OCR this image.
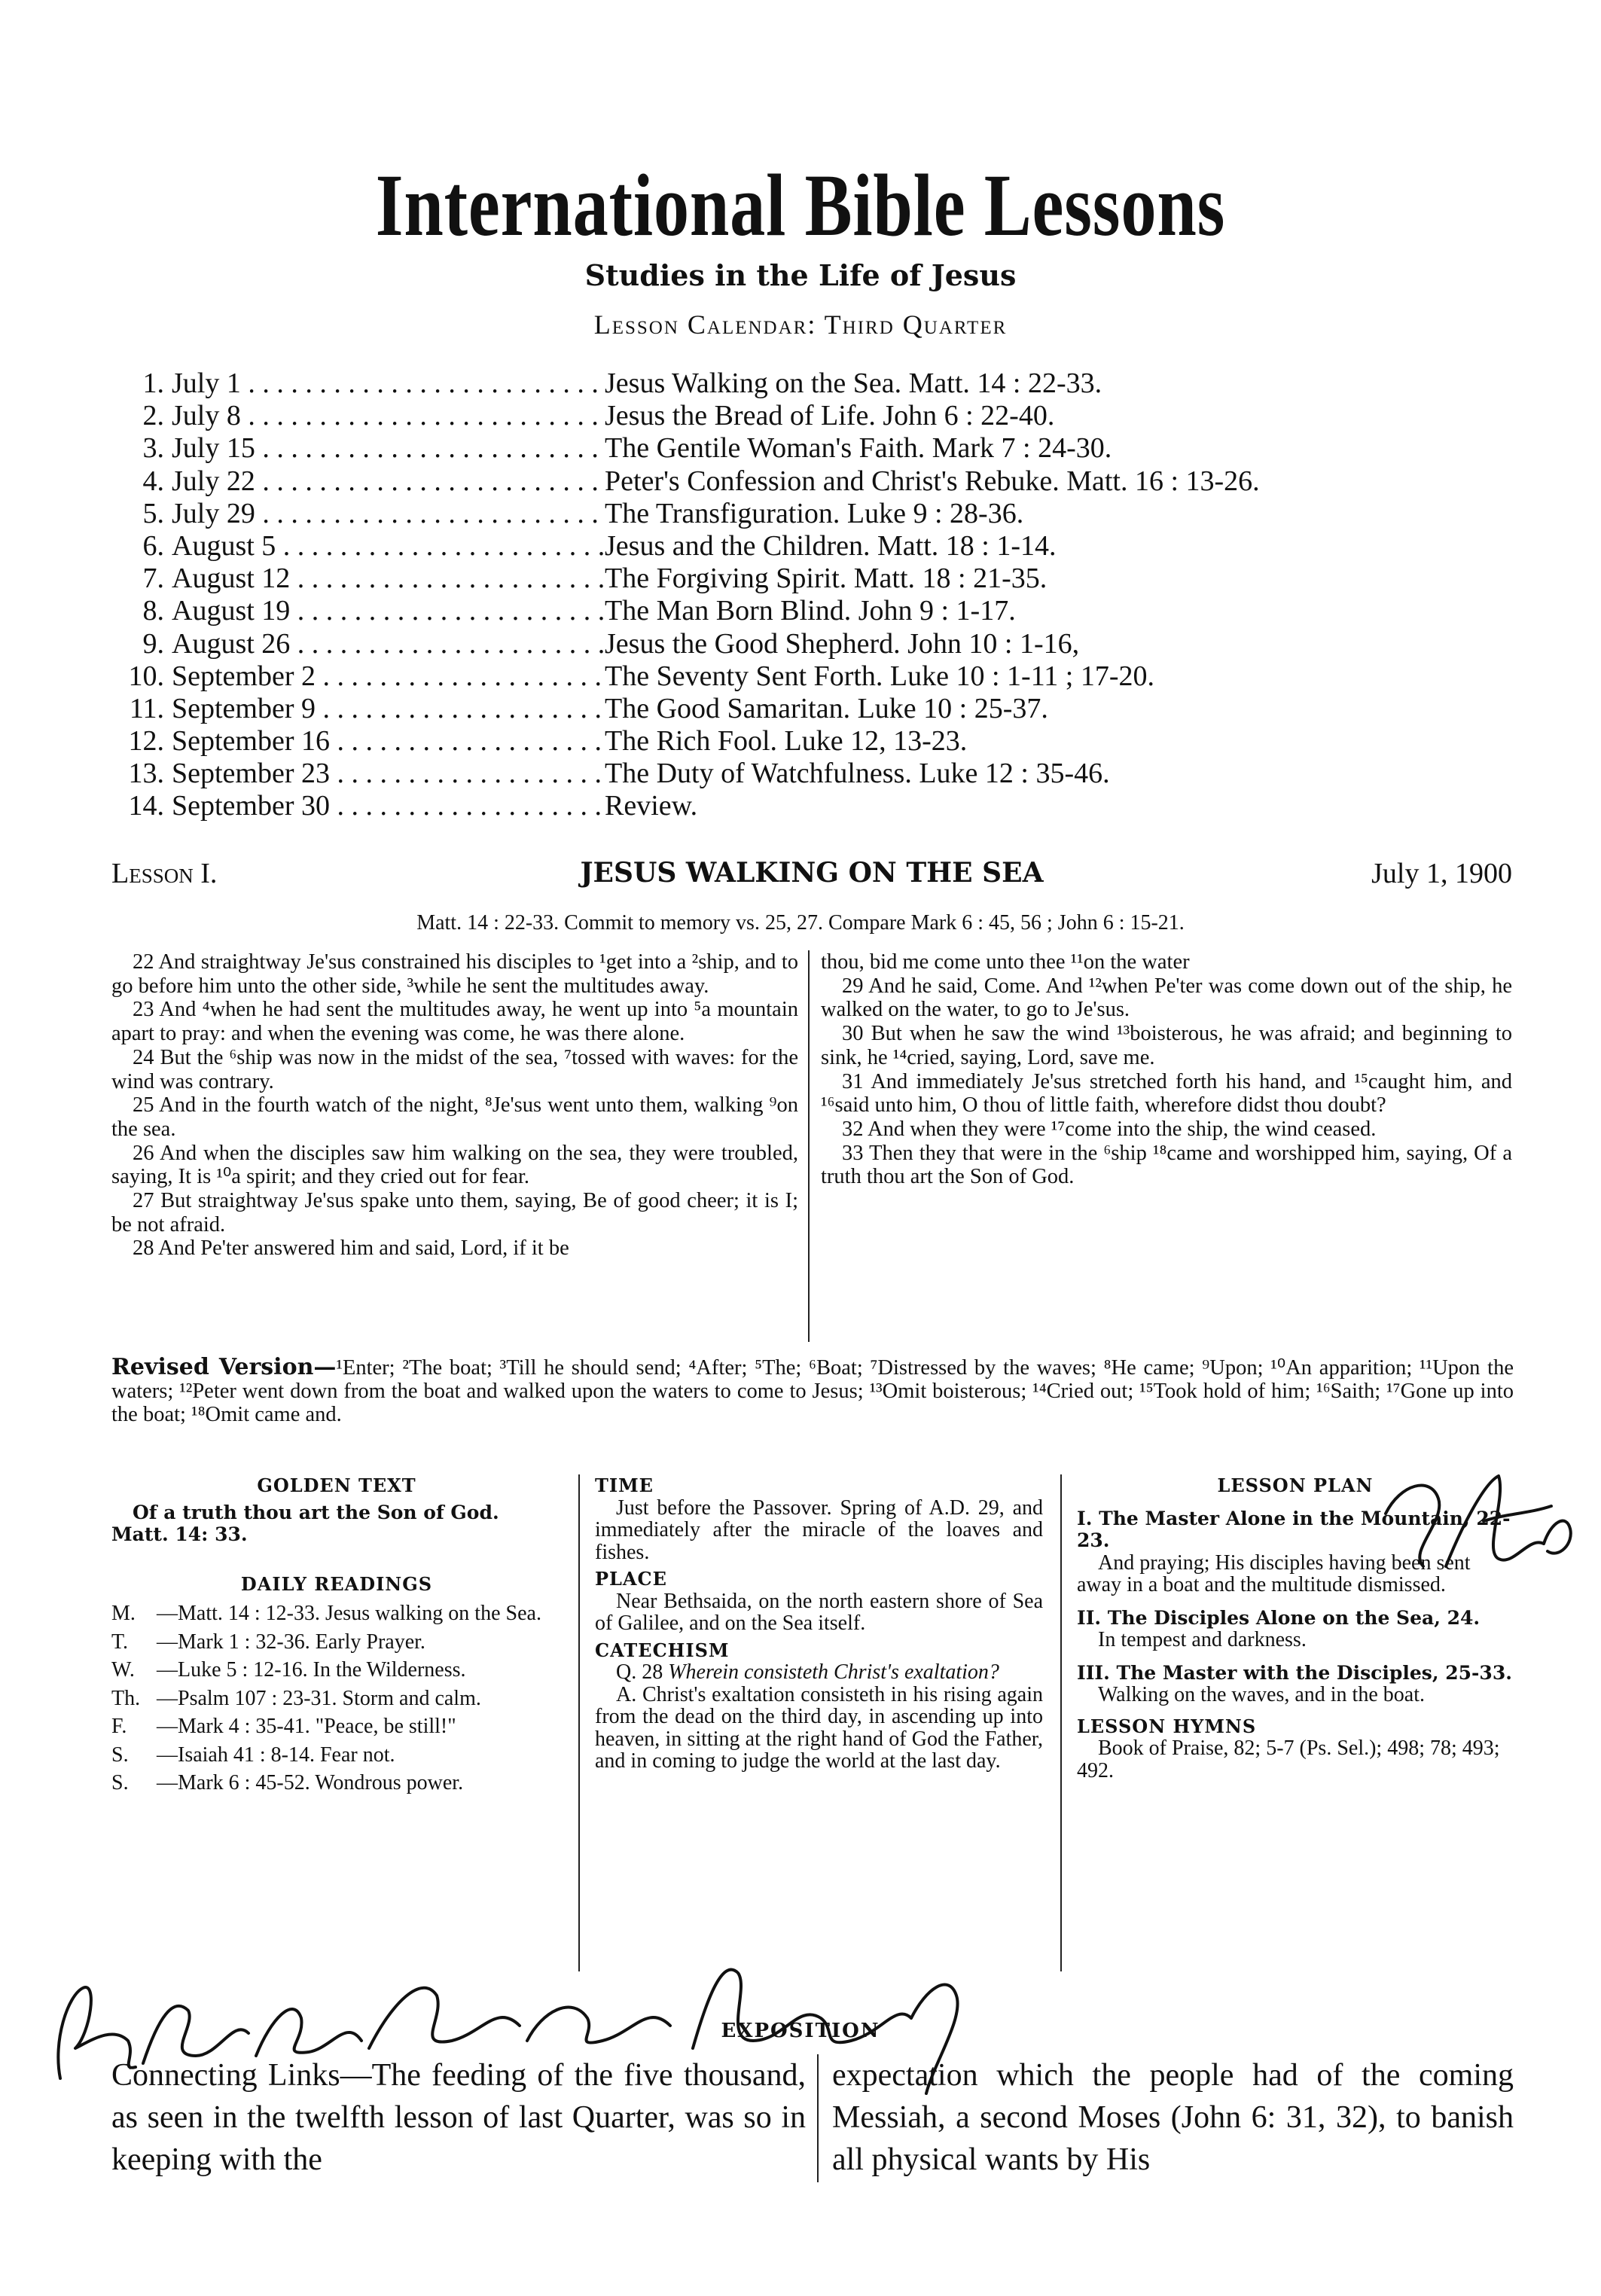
International Bible Lessons
Studies in the Life of Jesus
Lesson Calendar: Third Quarter
1. July 1 . . .	Jesus Walking on the Sea. Matt. 14 : 22-33.
2. July 8 . . .	Jesus the Bread of Life. John 6 : 22-40.
3. July 15 . . .	The Gentile Woman's Faith. Mark 7 : 24-30.
4. July 22 . . .	Peter's Confession and Christ's Rebuke. Matt. 16 : 13-26.
5. July 29 . . .	The Transfiguration. Luke 9 : 28-36.
6. August 5 . . .	Jesus and the Children. Matt. 18 : 1-14.
7. August 12 . . .	The Forgiving Spirit. Matt. 18 : 21-35.
8. August 19 . . .	The Man Born Blind. John 9 : 1-17.
9. August 26 . . .	Jesus the Good Shepherd. John 10 : 1-16,
10. September 2 . . .	The Seventy Sent Forth. Luke 10 : 1-11 ; 17-20.
11. September 9 . . .	The Good Samaritan. Luke 10 : 25-37.
12. September 16 . . .	The Rich Fool. Luke 12, 13-23.
13. September 23 . . .	The Duty of Watchfulness. Luke 12 : 35-46.
14. September 30 . . .	Review.
Lesson I.	JESUS WALKING ON THE SEA	July 1, 1900
Matt. 14 : 22-33. Commit to memory vs. 25, 27. Compare Mark 6 : 45, 56 ; John 6 : 15-21.

22 And straightway Je'sus constrained his disciples to ¹get into a ²ship, and to go before him unto the other side, ³while he sent the multitudes away.

23 And ⁴when he had sent the multitudes away, he went up into ⁵a mountain apart to pray: and when the evening was come, he was there alone.

24 But the ⁶ship was now in the midst of the sea, ⁷tossed with waves: for the wind was contrary.

25 And in the fourth watch of the night, ⁸Je'sus went unto them, walking ⁹on the sea.

26 And when the disciples saw him walking on the sea, they were troubled, saying, It is ¹⁰a spirit; and they cried out for fear.

27 But straightway Je'sus spake unto them, saying, Be of good cheer; it is I; be not afraid.

28 And Pe'ter answered him and said, Lord, if it be

thou, bid me come unto thee ¹¹on the water

29 And he said, Come. And ¹²when Pe'ter was come down out of the ship, he walked on the water, to go to Je'sus.

30 But when he saw the wind ¹³boisterous, he was afraid; and beginning to sink, he ¹⁴cried, saying, Lord, save me.

31 And immediately Je'sus stretched forth his hand, and ¹⁵caught him, and ¹⁶said unto him, O thou of little faith, wherefore didst thou doubt?

32 And when they were ¹⁷come into the ship, the wind ceased.

33 Then they that were in the ⁶ship ¹⁸came and worshipped him, saying, Of a truth thou art the Son of God.

Revised Version—¹Enter; ²The boat; ³Till he should send; ⁴After; ⁵The; ⁶Boat; ⁷Distressed by the waves; ⁸He came; ⁹Upon; ¹⁰An apparition; ¹¹Upon the waters; ¹²Peter went down from the boat and walked upon the waters to come to Jesus; ¹³Omit boisterous; ¹⁴Cried out; ¹⁵Took hold of him; ¹⁶Saith; ¹⁷Gone up into the boat; ¹⁸Omit came and.
GOLDEN TEXT
Of a truth thou art the Son of God. Matt. 14: 33.
DAILY READINGS
M.	—Matt. 14 : 12-33. Jesus walking on the Sea.
T.	—Mark 1 : 32-36. Early Prayer.
W.	—Luke 5 : 12-16. In the Wilderness.
Th. —Psalm 107 : 23-31. Storm and calm.
F.	—Mark 4 : 35-41. "Peace, be still!"
S.	—Isaiah 41 : 8-14. Fear not.
S.	—Mark 6 : 45-52. Wondrous power.
TIME
Just before the Passover. Spring of A.D. 29, and immediately after the miracle of the loaves and fishes.
PLACE
Near Bethsaida, on the north eastern shore of Sea of Galilee, and on the Sea itself.
CATECHISM
Q. 28 Wherein consisteth Christ's exaltation?
A. Christ's exaltation consisteth in his rising again from the dead on the third day, in ascending up into heaven, in sitting at the right hand of God the Father, and in coming to judge the world at the last day.
LESSON PLAN
I. The Master Alone in the Mountain, 22-23.
And praying; His disciples having been sent away in a boat and the multitude dismissed.
II. The Disciples Alone on the Sea, 24.
In tempest and darkness.
III. The Master with the Disciples, 25-33.
Walking on the waves, and in the boat.
LESSON HYMNS
Book of Praise, 82; 5-7 (Ps. Sel.); 498; 78; 493; 492.
EXPOSITION
Connecting Links—The feeding of the five thousand, as seen in the twelfth lesson of last Quarter, was so in keeping with the
expectation which the people had of the coming Messiah, a second Moses (John 6: 31, 32), to banish all physical wants by His
